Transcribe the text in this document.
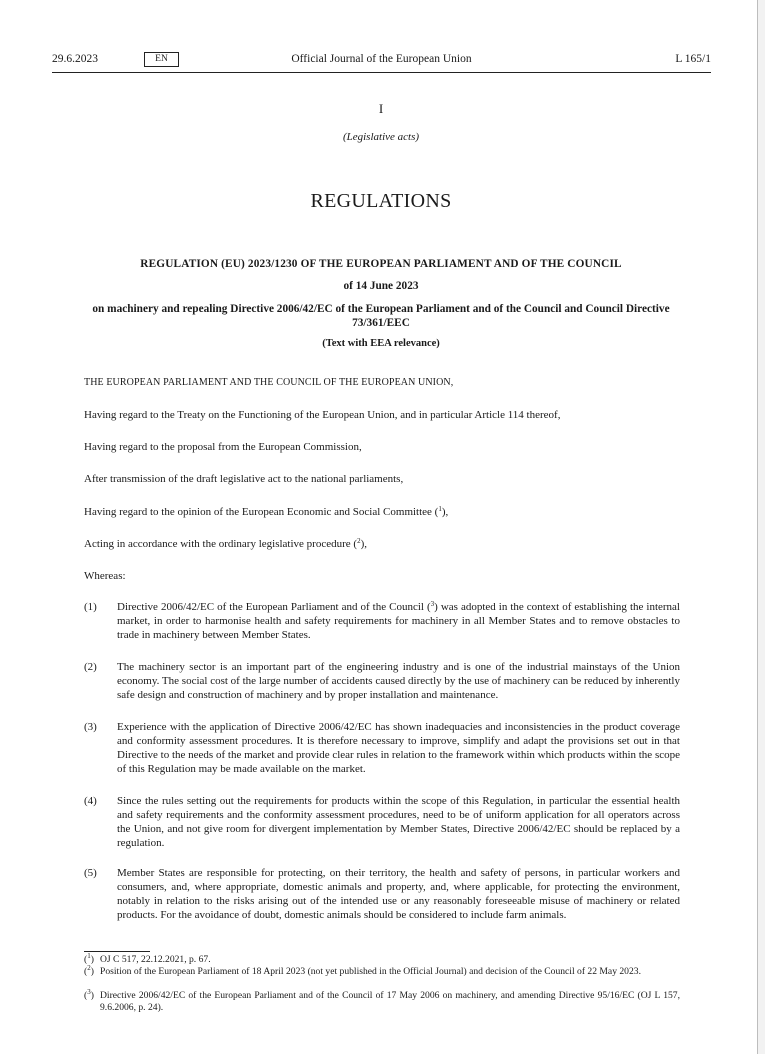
29.6.2023	EN	Official Journal of the European Union	L 165/1
I
(Legislative acts)
REGULATIONS
REGULATION (EU) 2023/1230 OF THE EUROPEAN PARLIAMENT AND OF THE COUNCIL
of 14 June 2023
on machinery and repealing Directive 2006/42/EC of the European Parliament and of the Council and Council Directive 73/361/EEC
(Text with EEA relevance)
THE EUROPEAN PARLIAMENT AND THE COUNCIL OF THE EUROPEAN UNION,
Having regard to the Treaty on the Functioning of the European Union, and in particular Article 114 thereof,
Having regard to the proposal from the European Commission,
After transmission of the draft legislative act to the national parliaments,
Having regard to the opinion of the European Economic and Social Committee ($^1$),
Acting in accordance with the ordinary legislative procedure ($^2$),
Whereas:
(1) Directive 2006/42/EC of the European Parliament and of the Council ($^3$) was adopted in the context of establishing the internal market, in order to harmonise health and safety requirements for machinery in all Member States and to remove obstacles to trade in machinery between Member States.
(2) The machinery sector is an important part of the engineering industry and is one of the industrial mainstays of the Union economy. The social cost of the large number of accidents caused directly by the use of machinery can be reduced by inherently safe design and construction of machinery and by proper installation and maintenance.
(3) Experience with the application of Directive 2006/42/EC has shown inadequacies and inconsistencies in the product coverage and conformity assessment procedures. It is therefore necessary to improve, simplify and adapt the provisions set out in that Directive to the needs of the market and provide clear rules in relation to the framework within which products within the scope of this Regulation may be made available on the market.
(4) Since the rules setting out the requirements for products within the scope of this Regulation, in particular the essential health and safety requirements and the conformity assessment procedures, need to be of uniform application for all operators across the Union, and not give room for divergent implementation by Member States, Directive 2006/42/EC should be replaced by a regulation.
(5) Member States are responsible for protecting, on their territory, the health and safety of persons, in particular workers and consumers, and, where appropriate, domestic animals and property, and, where applicable, for protecting the environment, notably in relation to the risks arising out of the intended use or any reasonably foreseeable misuse of machinery or related products. For the avoidance of doubt, domestic animals should be considered to include farm animals.
($^1$) OJ C 517, 22.12.2021, p. 67.
($^2$) Position of the European Parliament of 18 April 2023 (not yet published in the Official Journal) and decision of the Council of 22 May 2023.
($^3$) Directive 2006/42/EC of the European Parliament and of the Council of 17 May 2006 on machinery, and amending Directive 95/16/EC (OJ L 157, 9.6.2006, p. 24).
